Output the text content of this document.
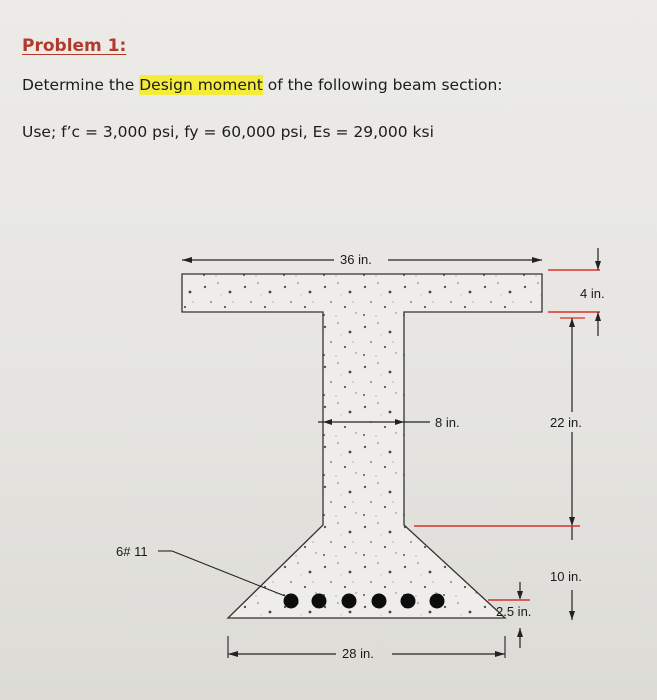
Problem 1:
Determine the Design moment of the following beam section:
Use; f’c = 3,000 psi, fy = 60,000 psi, Es = 29,000 ksi
36 in.
4 in.
22 in.
8 in.
10 in.
2.5 in.
6# 11
28 in.
